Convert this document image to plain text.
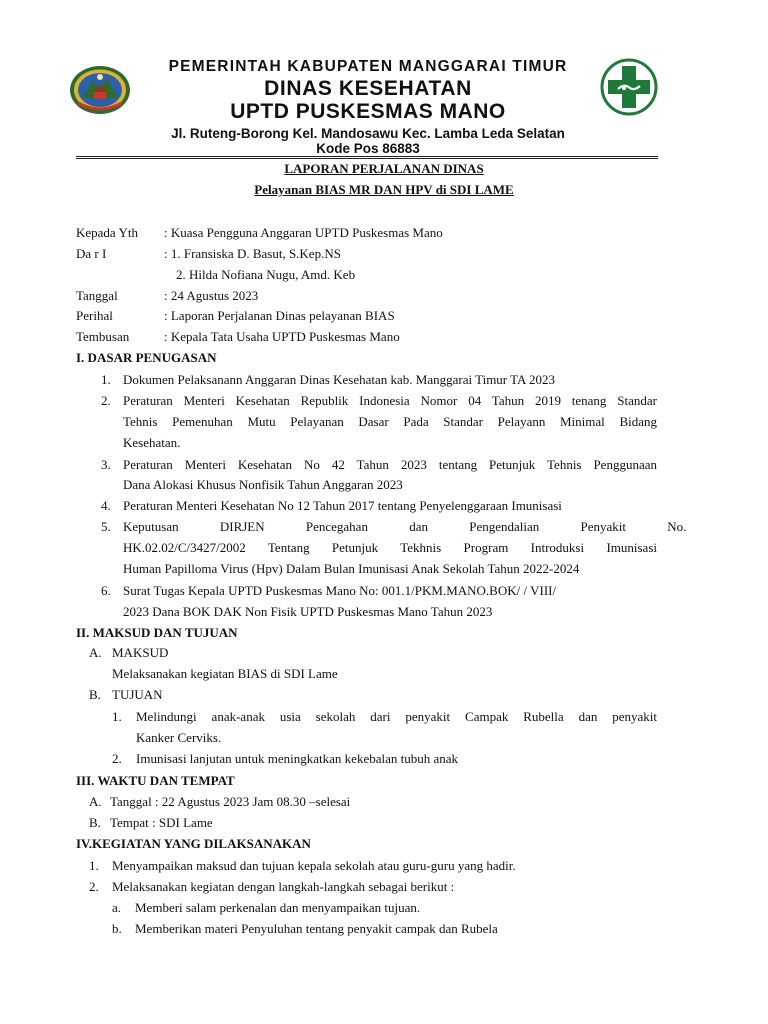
PEMERINTAH KABUPATEN MANGGARAI TIMUR
DINAS KESEHATAN
UPTD PUSKESMAS MANO
Jl. Ruteng-Borong Kel. Mandosawu Kec. Lamba Leda Selatan
Kode Pos 86883
LAPORAN PERJALANAN DINAS
Pelayanan BIAS MR DAN HPV di SDI LAME
Kepada Yth : Kuasa Pengguna Anggaran UPTD Puskesmas Mano
Da r I	: 1. Fransiska D. Basut, S.Kep.NS
2. Hilda Nofiana Nugu, Amd. Keb
Tanggal	: 24 Agustus 2023
Perihal	: Laporan Perjalanan Dinas pelayanan BIAS
Tembusan	: Kepala Tata Usaha UPTD Puskesmas Mano
I. DASAR PENUGASAN
1. Dokumen Pelaksanann Anggaran Dinas Kesehatan kab. Manggarai Timur TA 2023
2. Peraturan Menteri Kesehatan Republik Indonesia Nomor 04 Tahun 2019 tenang Standar
Tehnis Pemenuhan Mutu Pelayanan Dasar Pada Standar Pelayann Minimal Bidang
Kesehatan.
3. Peraturan Menteri Kesehatan No 42 Tahun 2023 tentang Petunjuk Tehnis Penggunaan
Dana Alokasi Khusus Nonfisik Tahun Anggaran 2023
4. Peraturan Menteri Kesehatan No 12 Tahun 2017 tentang Penyelenggaraan Imunisasi
5. Keputusan DIRJEN Pencegahan dan Pengendalian Penyakit No.
HK.02.02/C/3427/2002 Tentang Petunjuk Tekhnis Program Introduksi Imunisasi
Human Papilloma Virus (Hpv) Dalam Bulan Imunisasi Anak Sekolah Tahun 2022-2024
6. Surat Tugas Kepala UPTD Puskesmas Mano No: 001.1/PKM.MANO.BOK/ / VIII/
2023 Dana BOK DAK Non Fisik UPTD Puskesmas Mano Tahun 2023
II. MAKSUD DAN TUJUAN
A. MAKSUD
Melaksanakan kegiatan BIAS di SDI Lame
B. TUJUAN
1. Melindungi anak-anak usia sekolah dari penyakit Campak Rubella dan penyakit
Kanker Cerviks.
2. Imunisasi lanjutan untuk meningkatkan kekebalan tubuh anak
III. WAKTU DAN TEMPAT
A. Tanggal : 22 Agustus 2023 Jam 08.30 –selesai
B. Tempat : SDI Lame
IV.KEGIATAN YANG DILAKSANAKAN
1. Menyampaikan maksud dan tujuan kepala sekolah atau guru-guru yang hadir.
2. Melaksanakan kegiatan dengan langkah-langkah sebagai berikut :
a. Memberi salam perkenalan dan menyampaikan tujuan.
b. Memberikan materi Penyuluhan tentang penyakit campak dan Rubela
